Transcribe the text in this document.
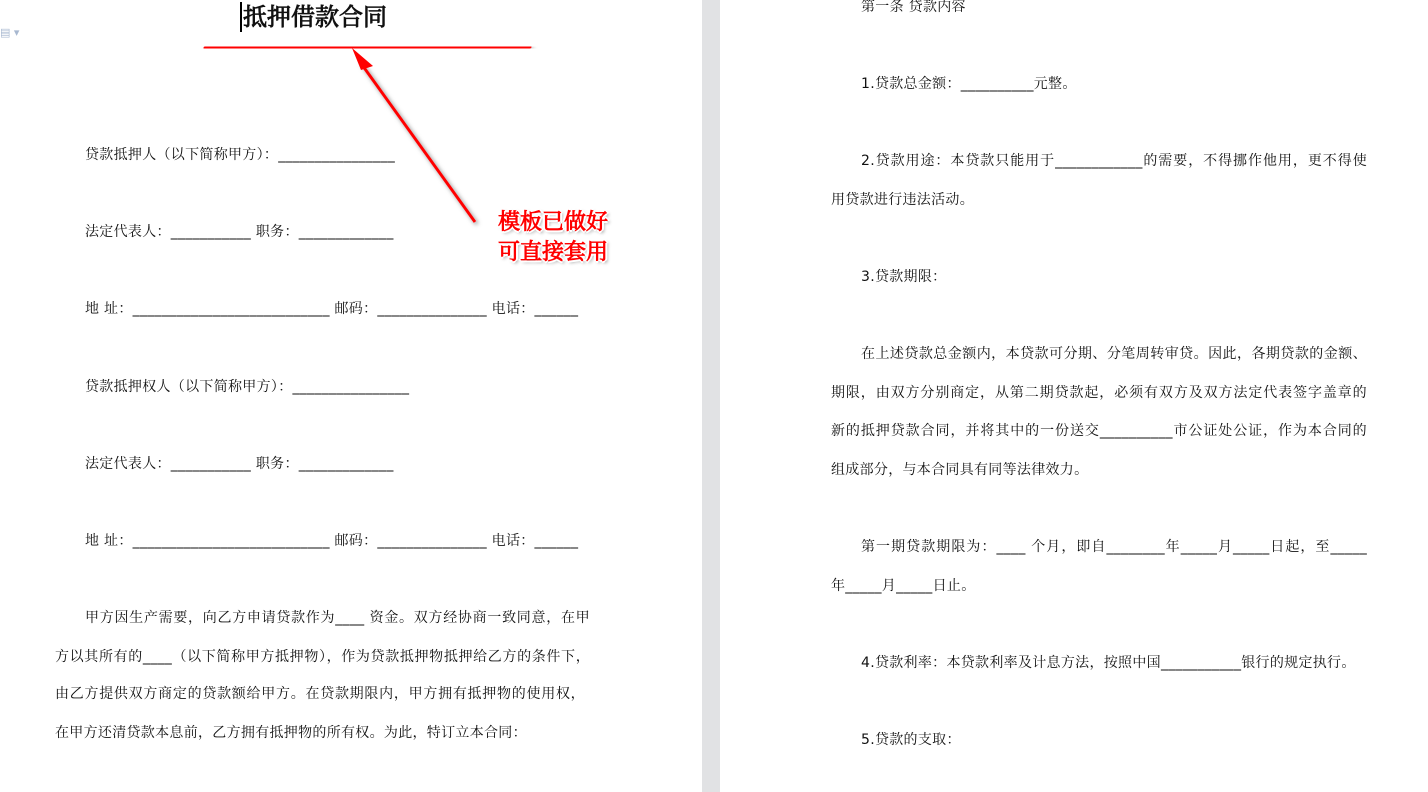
▤ ▾
抵押借款合同
模板已做好
可直接套用
贷款抵押人（以下简称甲方）：________________
法定代表人：___________ 职务：_____________
地 址：___________________________ 邮码：_______________ 电话：______
贷款抵押权人（以下简称甲方）：________________
法定代表人：___________ 职务：_____________
地 址：___________________________ 邮码：_______________ 电话：______
甲方因生产需要，向乙方申请贷款作为____ 资金。双方经协商一致同意，在甲
方以其所有的____（以下简称甲方抵押物），作为贷款抵押物抵押给乙方的条件下，
由乙方提供双方商定的贷款额给甲方。在贷款期限内，甲方拥有抵押物的使用权，
在甲方还清贷款本息前，乙方拥有抵押物的所有权。为此，特订立本合同：
第一条 贷款内容
1.贷款总金额：__________元整。
2.贷款用途：本贷款只能用于____________的需要，不得挪作他用，更不得使
用贷款进行违法活动。
3.贷款期限：
在上述贷款总金额内，本贷款可分期、分笔周转审贷。因此，各期贷款的金额、
期限，由双方分别商定，从第二期贷款起，必须有双方及双方法定代表签字盖章的
新的抵押贷款合同，并将其中的一份送交__________市公证处公证，作为本合同的
组成部分，与本合同具有同等法律效力。
第一期贷款期限为：____ 个月，即自________年_____月_____日起，至_____
年_____月_____日止。
4.贷款利率：本贷款利率及计息方法，按照中国___________银行的规定执行。
5.贷款的支取：
